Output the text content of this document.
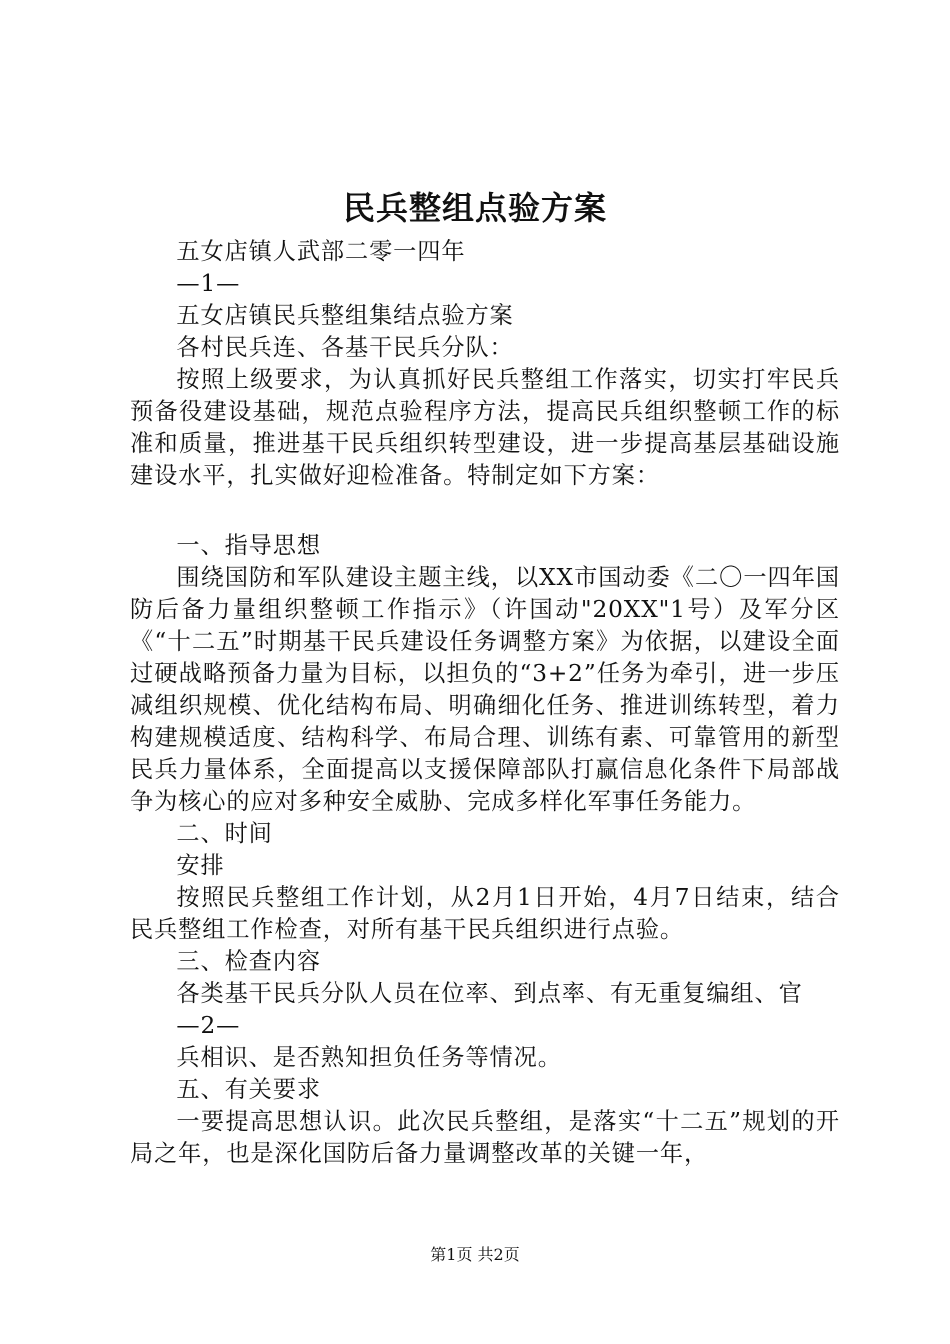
民兵整组点验方案

五女店镇人武部二零一四年

—1—

五女店镇民兵整组集结点验方案

各村民兵连、各基干民兵分队：

按照上级要求，为认真抓好民兵整组工作落实，切实打牢民兵预备役建设基础，规范点验程序方法，提高民兵组织整顿工作的标准和质量，推进基干民兵组织转型建设，进一步提高基层基础设施建设水平，扎实做好迎检准备。特制定如下方案：

一、指导思想

围绕国防和军队建设主题主线，以XX市国动委《二〇一四年国防后备力量组织整顿工作指示》（许国动"20XX"1号）及军分区《“十二五”时期基干民兵建设任务调整方案》为依据，以建设全面过硬战略预备力量为目标，以担负的“3+2”任务为牵引，进一步压减组织规模、优化结构布局、明确细化任务、推进训练转型，着力构建规模适度、结构科学、布局合理、训练有素、可靠管用的新型民兵力量体系，全面提高以支援保障部队打赢信息化条件下局部战争为核心的应对多种安全威胁、完成多样化军事任务能力。

二、时间

安排

按照民兵整组工作计划，从2月1日开始，4月7日结束，结合民兵整组工作检查，对所有基干民兵组织进行点验。

三、检查内容

各类基干民兵分队人员在位率、到点率、有无重复编组、官

—2—

兵相识、是否熟知担负任务等情况。

五、有关要求

一要提高思想认识。此次民兵整组，是落实“十二五”规划的开局之年，也是深化国防后备力量调整改革的关键一年，

第1页 共2页
